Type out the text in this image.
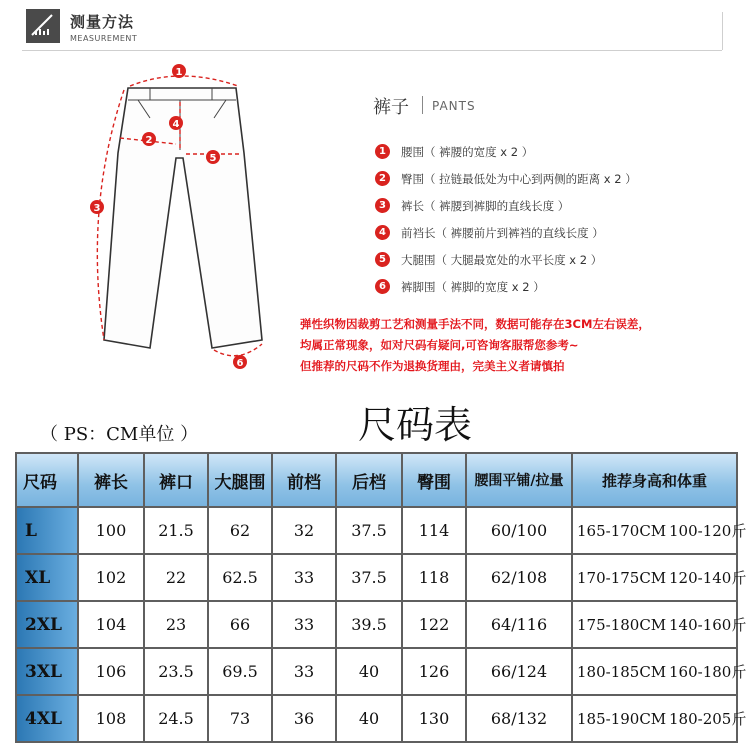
测量方法
MEASUREMENT
1
2
3
4
5
6
裤子 PANTS
1	腰围（ 裤腰的宽度 x 2 ）
2	臀围（ 拉链最低处为中心到两侧的距离 x 2 ）
3	裤长（ 裤腰到裤脚的直线长度 ）
4	前裆长（ 裤腰前片到裤裆的直线长度 ）
5	大腿围（ 大腿最宽处的水平长度 x 2 ）
6	裤脚围（ 裤脚的宽度 x 2 ）
弹性织物因裁剪工艺和测量手法不同，数据可能存在3CM左右误差，
均属正常现象，如对尺码有疑问,可咨询客服帮您参考~
但推荐的尺码不作为退换货理由，完美主义者请慎拍
（ PS：CM单位 ）	尺码表
尺码	裤长	裤口	大腿围	前档	后档	臀围	腰围平铺/拉量	推荐身高和体重
L	100	21.5	62	32	37.5	114	60/100	165-170CM 100-120斤
XL	102	22	62.5	33	37.5	118	62/108	170-175CM 120-140斤
2XL	104	23	66	33	39.5	122	64/116	175-180CM 140-160斤
3XL	106	23.5	69.5	33	40	126	66/124	180-185CM 160-180斤
4XL	108	24.5	73	36	40	130	68/132	185-190CM 180-205斤
